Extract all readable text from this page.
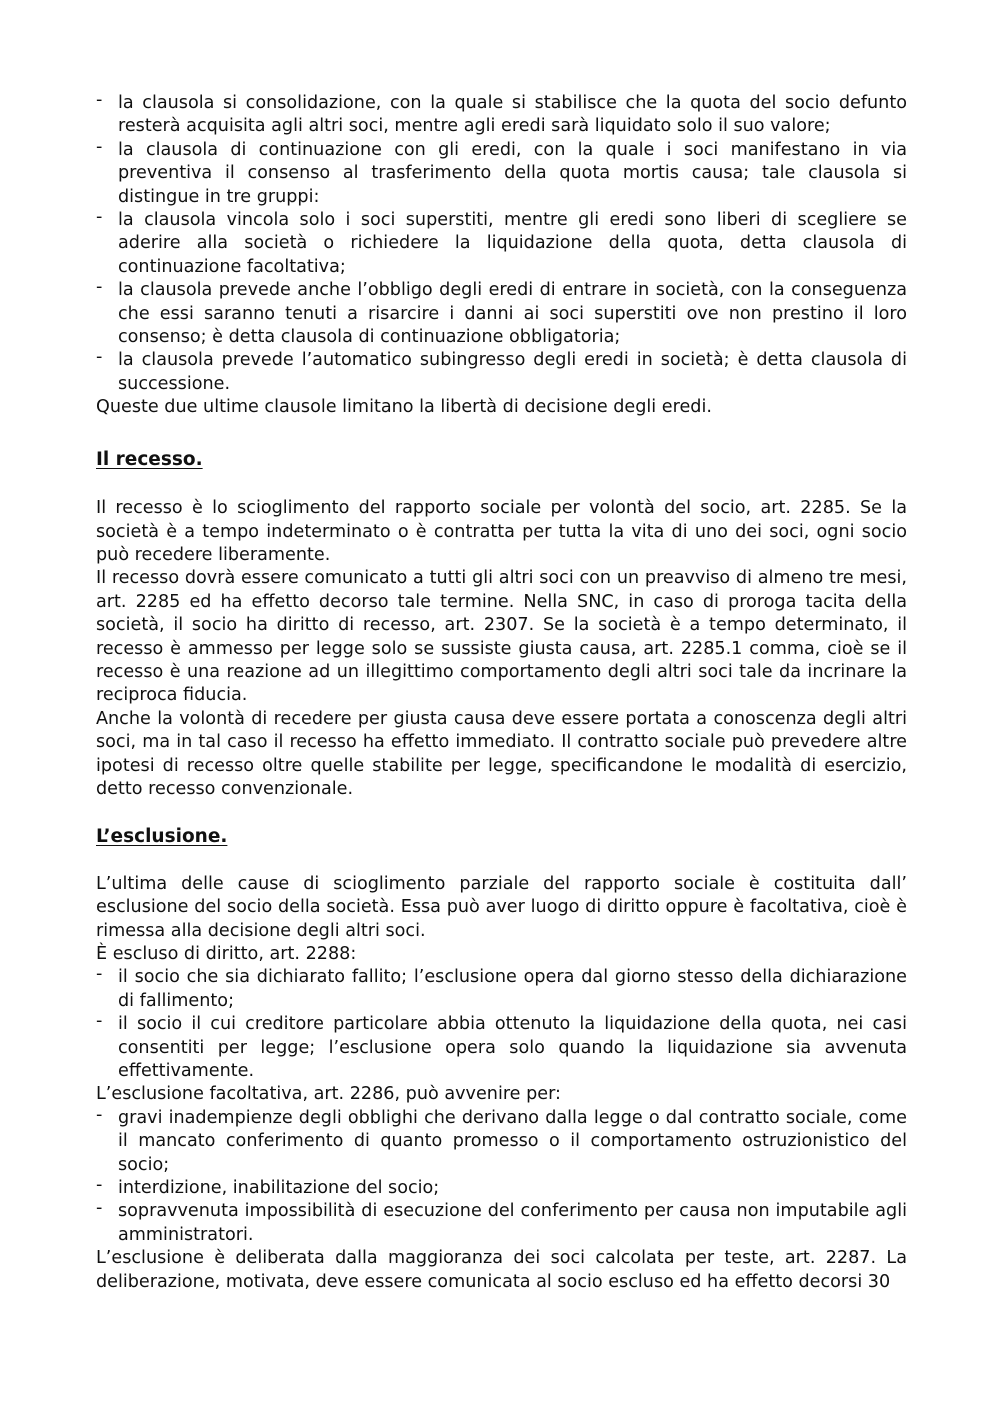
- la clausola si consolidazione, con la quale si stabilisce che la quota del socio defunto resterà acquisita agli altri soci, mentre agli eredi sarà liquidato solo il suo valore;
- la clausola di continuazione con gli eredi, con la quale i soci manifestano in via preventiva il consenso al trasferimento della quota mortis causa; tale clausola si distingue in tre gruppi:
- la clausola vincola solo i soci superstiti, mentre gli eredi sono liberi di scegliere se aderire alla società o richiedere la liquidazione della quota, detta clausola di continuazione facoltativa;
- la clausola prevede anche l’obbligo degli eredi di entrare in società, con la conseguenza che essi saranno tenuti a risarcire i danni ai soci superstiti ove non prestino il loro consenso; è detta clausola di continuazione obbligatoria;
- la clausola prevede l’automatico subingresso degli eredi in società; è detta clausola di successione.

Queste due ultime clausole limitano la libertà di decisione degli eredi.

Il recesso.

Il recesso è lo scioglimento del rapporto sociale per volontà del socio, art. 2285. Se la società è a tempo indeterminato o è contratta per tutta la vita di uno dei soci, ogni socio può recedere liberamente.

Il recesso dovrà essere comunicato a tutti gli altri soci con un preavviso di almeno tre mesi, art. 2285 ed ha effetto decorso tale termine. Nella SNC, in caso di proroga tacita della società, il socio ha diritto di recesso, art. 2307. Se la società è a tempo determinato, il recesso è ammesso per legge solo se sussiste giusta causa, art. 2285.1 comma, cioè se il recesso è una reazione ad un illegittimo comportamento degli altri soci tale da incrinare la reciproca fiducia.

Anche la volontà di recedere per giusta causa deve essere portata a conoscenza degli altri soci, ma in tal caso il recesso ha effetto immediato. Il contratto sociale può prevedere altre ipotesi di recesso oltre quelle stabilite per legge, specificandone le modalità di esercizio, detto recesso convenzionale.

L’esclusione.

L’ultima delle cause di scioglimento parziale del rapporto sociale è costituita dall’ esclusione del socio della società. Essa può aver luogo di diritto oppure è facoltativa, cioè è rimessa alla decisione degli altri soci.

È escluso di diritto, art. 2288:

- il socio che sia dichiarato fallito; l’esclusione opera dal giorno stesso della dichiarazione di fallimento;
- il socio il cui creditore particolare abbia ottenuto la liquidazione della quota, nei casi consentiti per legge; l’esclusione opera solo quando la liquidazione sia avvenuta effettivamente.

L’esclusione facoltativa, art. 2286, può avvenire per:

- gravi inadempienze degli obblighi che derivano dalla legge o dal contratto sociale, come il mancato conferimento di quanto promesso o il comportamento ostruzionistico del socio;
- interdizione, inabilitazione del socio;
- sopravvenuta impossibilità di esecuzione del conferimento per causa non imputabile agli amministratori.

L’esclusione è deliberata dalla maggioranza dei soci calcolata per teste, art. 2287. La deliberazione, motivata, deve essere comunicata al socio escluso ed ha effetto decorsi 30
